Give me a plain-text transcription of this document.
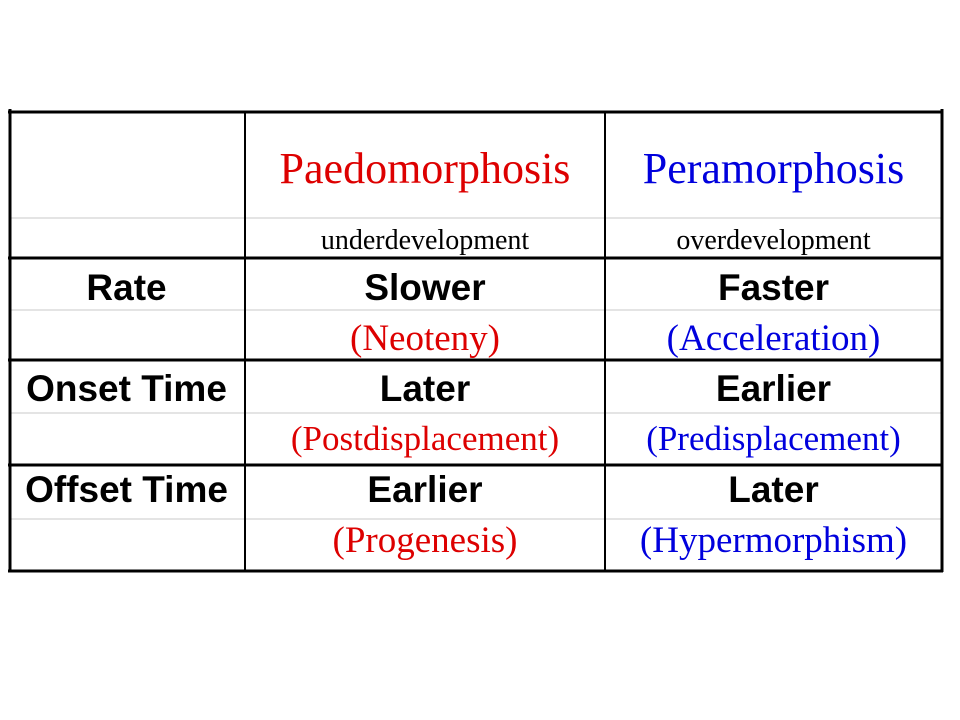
	Paedomorphosis	Peramorphosis
	underdevelopment	overdevelopment
Rate	Slower	Faster
	(Neoteny)	(Acceleration)
Onset Time	Later	Earlier
	(Postdisplacement)	(Predisplacement)
Offset Time	Earlier	Later
	(Progenesis)	(Hypermorphism)
